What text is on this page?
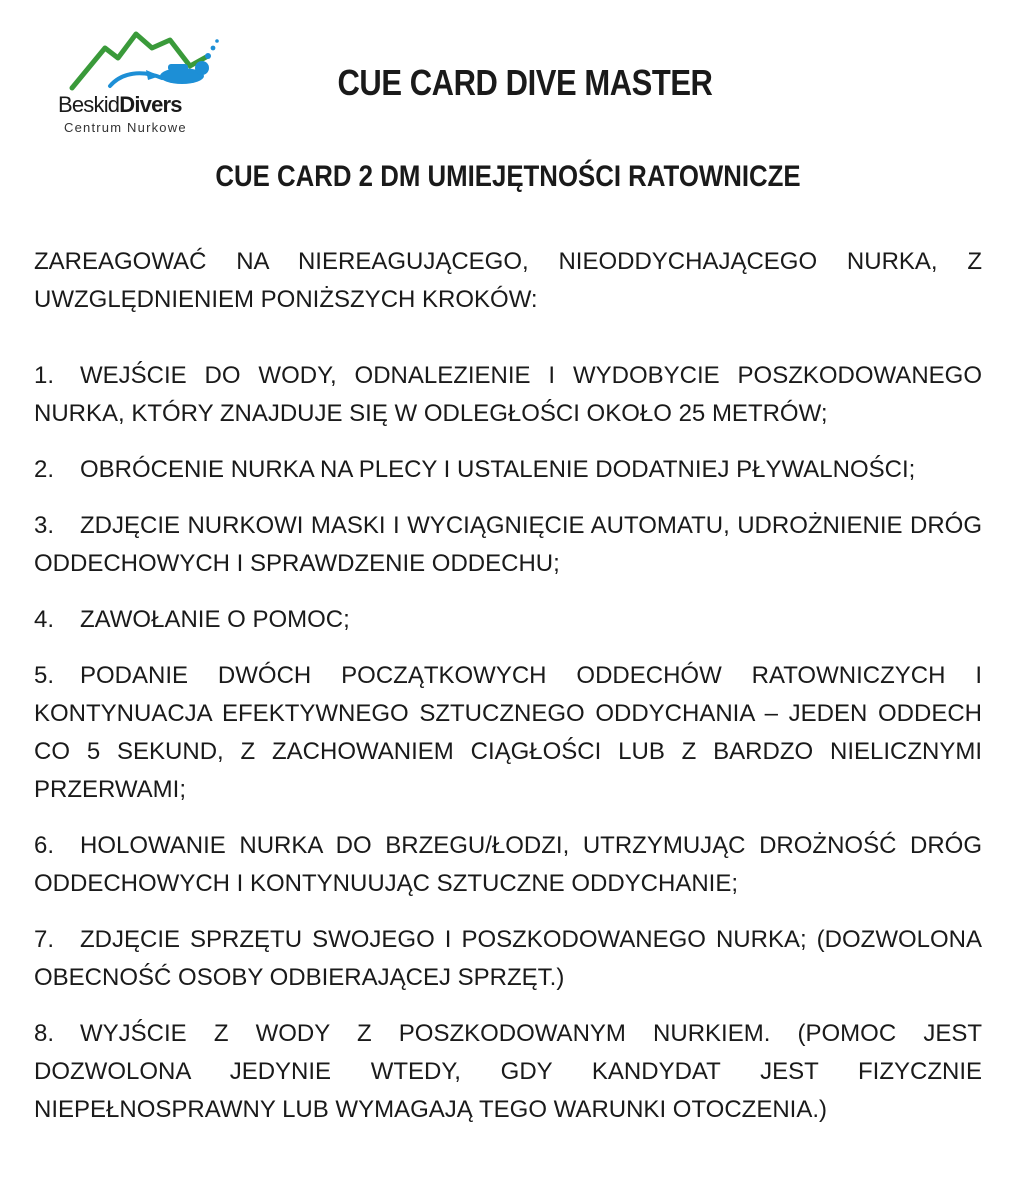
BeskidDivers
Centrum Nurkowe
CUE CARD DIVE MASTER
CUE CARD 2 DM UMIEJĘTNOŚCI RATOWNICZE

ZAREAGOWAĆ NA NIEREAGUJĄCEGO, NIEODDYCHAJĄCEGO NURKA, Z UWZGLĘDNIENIEM PONIŻSZYCH KROKÓW:

1. WEJŚCIE DO WODY, ODNALEZIENIE I WYDOBYCIE POSZKODOWANEGO NURKA, KTÓRY ZNAJDUJE SIĘ W ODLEGŁOŚCI OKOŁO 25 METRÓW;

2. OBRÓCENIE NURKA NA PLECY I USTALENIE DODATNIEJ PŁYWALNOŚCI;

3. ZDJĘCIE NURKOWI MASKI I WYCIĄGNIĘCIE AUTOMATU, UDROŻNIENIE DRÓG ODDECHOWYCH I SPRAWDZENIE ODDECHU;

4. ZAWOŁANIE O POMOC;

5. PODANIE DWÓCH POCZĄTKOWYCH ODDECHÓW RATOWNICZYCH I KONTYNUACJA EFEKTYWNEGO SZTUCZNEGO ODDYCHANIA – JEDEN ODDECH CO 5 SEKUND, Z ZACHOWANIEM CIĄGŁOŚCI LUB Z BARDZO NIELICZNYMI PRZERWAMI;

6. HOLOWANIE NURKA DO BRZEGU/ŁODZI, UTRZYMUJĄC DROŻNOŚĆ DRÓG ODDECHOWYCH I KONTYNUUJĄC SZTUCZNE ODDYCHANIE;

7. ZDJĘCIE SPRZĘTU SWOJEGO I POSZKODOWANEGO NURKA; (DOZWOLONA OBECNOŚĆ OSOBY ODBIERAJĄCEJ SPRZĘT.)

8. WYJŚCIE Z WODY Z POSZKODOWANYM NURKIEM. (POMOC JEST DOZWOLONA JEDYNIE WTEDY, GDY KANDYDAT JEST FIZYCZNIE NIEPEŁNOSPRAWNY LUB WYMAGAJĄ TEGO WARUNKI OTOCZENIA.)
